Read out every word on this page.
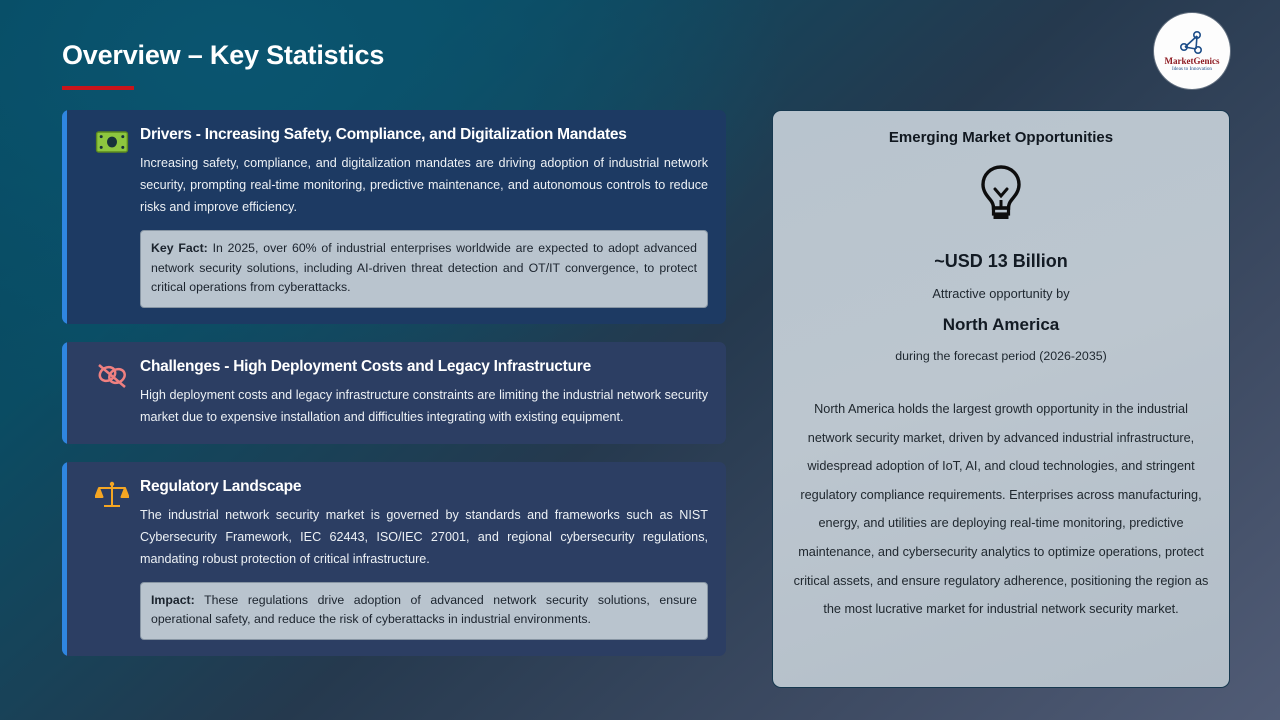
Overview – Key Statistics	MarketGenics
Ideas to Innovation
Drivers - Increasing Safety, Compliance, and Digitalization Mandates
Increasing safety, compliance, and digitalization mandates are driving adoption of industrial network security, prompting real-time monitoring, predictive maintenance, and autonomous controls to reduce risks and improve efficiency.
Key Fact: In 2025, over 60% of industrial enterprises worldwide are expected to adopt advanced network security solutions, including AI-driven threat detection and OT/IT convergence, to protect critical operations from cyberattacks.
Challenges - High Deployment Costs and Legacy Infrastructure
High deployment costs and legacy infrastructure constraints are limiting the industrial network security market due to expensive installation and difficulties integrating with existing equipment.
Regulatory Landscape
The industrial network security market is governed by standards and frameworks such as NIST Cybersecurity Framework, IEC 62443, ISO/IEC 27001, and regional cybersecurity regulations, mandating robust protection of critical infrastructure.
Impact: These regulations drive adoption of advanced network security solutions, ensure operational safety, and reduce the risk of cyberattacks in industrial environments.
Emerging Market Opportunities
~USD 13 Billion
Attractive opportunity by
North America
during the forecast period (2026-2035)
North America holds the largest growth opportunity in the industrial network security market, driven by advanced industrial infrastructure, widespread adoption of IoT, AI, and cloud technologies, and stringent regulatory compliance requirements. Enterprises across manufacturing, energy, and utilities are deploying real-time monitoring, predictive maintenance, and cybersecurity analytics to optimize operations, protect critical assets, and ensure regulatory adherence, positioning the region as the most lucrative market for industrial network security market.
